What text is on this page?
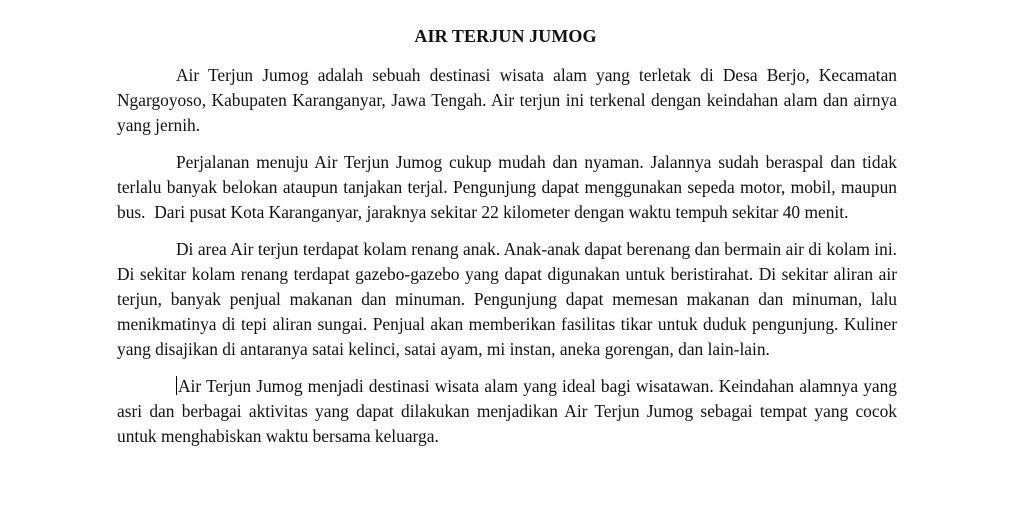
AIR TERJUN JUMOG

Air Terjun Jumog adalah sebuah destinasi wisata alam yang terletak di Desa Berjo, Kecamatan Ngargoyoso, Kabupaten Karanganyar, Jawa Tengah. Air terjun ini terkenal dengan keindahan alam dan airnya yang jernih.

Perjalanan menuju Air Terjun Jumog cukup mudah dan nyaman. Jalannya sudah beraspal dan tidak terlalu banyak belokan ataupun tanjakan terjal. Pengunjung dapat menggunakan sepeda motor, mobil, maupun bus.  Dari pusat Kota Karanganyar, jaraknya sekitar 22 kilometer dengan waktu tempuh sekitar 40 menit.

Di area Air terjun terdapat kolam renang anak. Anak-anak dapat berenang dan bermain air di kolam ini. Di sekitar kolam renang terdapat gazebo-gazebo yang dapat digunakan untuk beristirahat. Di sekitar aliran air terjun, banyak penjual makanan dan minuman. Pengunjung dapat memesan makanan dan minuman, lalu menikmatinya di tepi aliran sungai. Penjual akan memberikan fasilitas tikar untuk duduk pengunjung. Kuliner yang disajikan di antaranya satai kelinci, satai ayam, mi instan, aneka gorengan, dan lain-lain.

Air Terjun Jumog menjadi destinasi wisata alam yang ideal bagi wisatawan. Keindahan alamnya yang asri dan berbagai aktivitas yang dapat dilakukan menjadikan Air Terjun Jumog sebagai tempat yang cocok untuk menghabiskan waktu bersama keluarga.
